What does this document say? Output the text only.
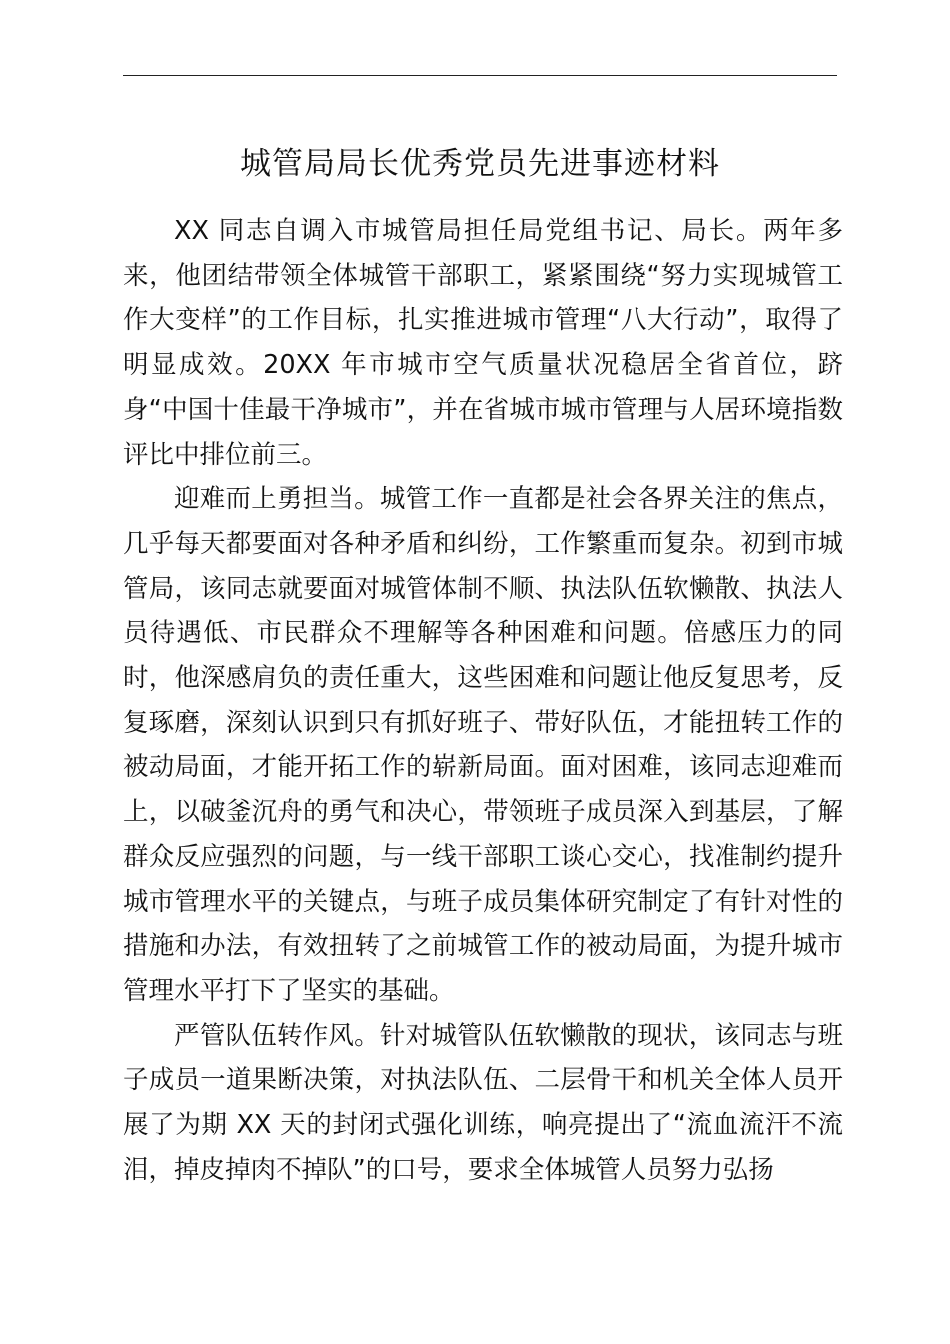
城管局局长优秀党员先进事迹材料

XX 同志自调入市城管局担任局党组书记、局长。两年多来，他团结带领全体城管干部职工，紧紧围绕“努力实现城管工作大变样”的工作目标，扎实推进城市管理“八大行动”，取得了明显成效。20XX 年市城市空气质量状况稳居全省首位，跻身“中国十佳最干净城市”，并在省城市城市管理与人居环境指数评比中排位前三。

迎难而上勇担当。城管工作一直都是社会各界关注的焦点，几乎每天都要面对各种矛盾和纠纷，工作繁重而复杂。初到市城管局，该同志就要面对城管体制不顺、执法队伍软懒散、执法人员待遇低、市民群众不理解等各种困难和问题。倍感压力的同时，他深感肩负的责任重大，这些困难和问题让他反复思考，反复琢磨，深刻认识到只有抓好班子、带好队伍，才能扭转工作的被动局面，才能开拓工作的崭新局面。面对困难，该同志迎难而上，以破釜沉舟的勇气和决心，带领班子成员深入到基层，了解群众反应强烈的问题，与一线干部职工谈心交心，找准制约提升城市管理水平的关键点，与班子成员集体研究制定了有针对性的措施和办法，有效扭转了之前城管工作的被动局面，为提升城市管理水平打下了坚实的基础。

严管队伍转作风。针对城管队伍软懒散的现状，该同志与班子成员一道果断决策，对执法队伍、二层骨干和机关全体人员开展了为期 XX 天的封闭式强化训练，响亮提出了“流血流汗不流泪，掉皮掉肉不掉队”的口号，要求全体城管人员努力弘扬
